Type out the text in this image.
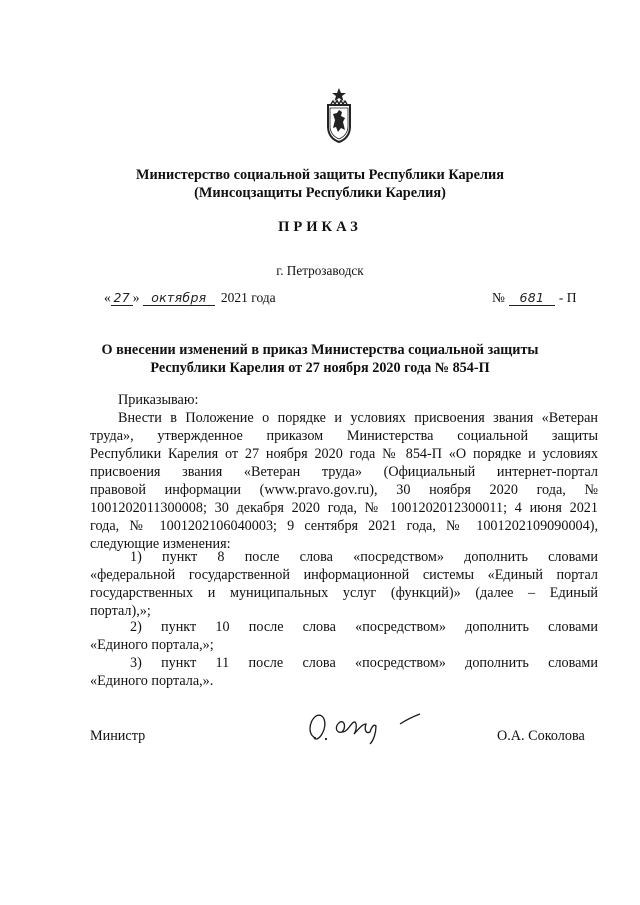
Министерство социальной защиты Республики Карелия
(Минсоцзащиты Республики Карелия)
ПРИКАЗ
г. Петрозаводск
« 27 » октября 2021 года	№ 681 - П
О внесении изменений в приказ Министерства социальной защиты
Республики Карелия от 27 ноября 2020 года № 854-П
Приказываю:
Внести в Положение о порядке и условиях присвоения звания «Ветеран
труда», утвержденное приказом Министерства социальной защиты
Республики Карелия от 27 ноября 2020 года № 854-П «О порядке и условиях
присвоения звания «Ветеран труда» (Официальный интернет-портал
правовой информации (www.pravo.gov.ru), 30 ноября 2020 года, №
1001202011300008; 30 декабря 2020 года, № 1001202012300011; 4 июня 2021
года, № 1001202106040003; 9 сентября 2021 года, № 1001202109090004),
следующие изменения:
1) пункт 8 после слова «посредством» дополнить словами
«федеральной государственной информационной системы «Единый портал
государственных и муниципальных услуг (функций)» (далее – Единый
портал),»;
2) пункт 10 после слова «посредством» дополнить словами
«Единого портала,»;
3) пункт 11 после слова «посредством» дополнить словами
«Единого портала,».
Министр	О.А. Соколова
